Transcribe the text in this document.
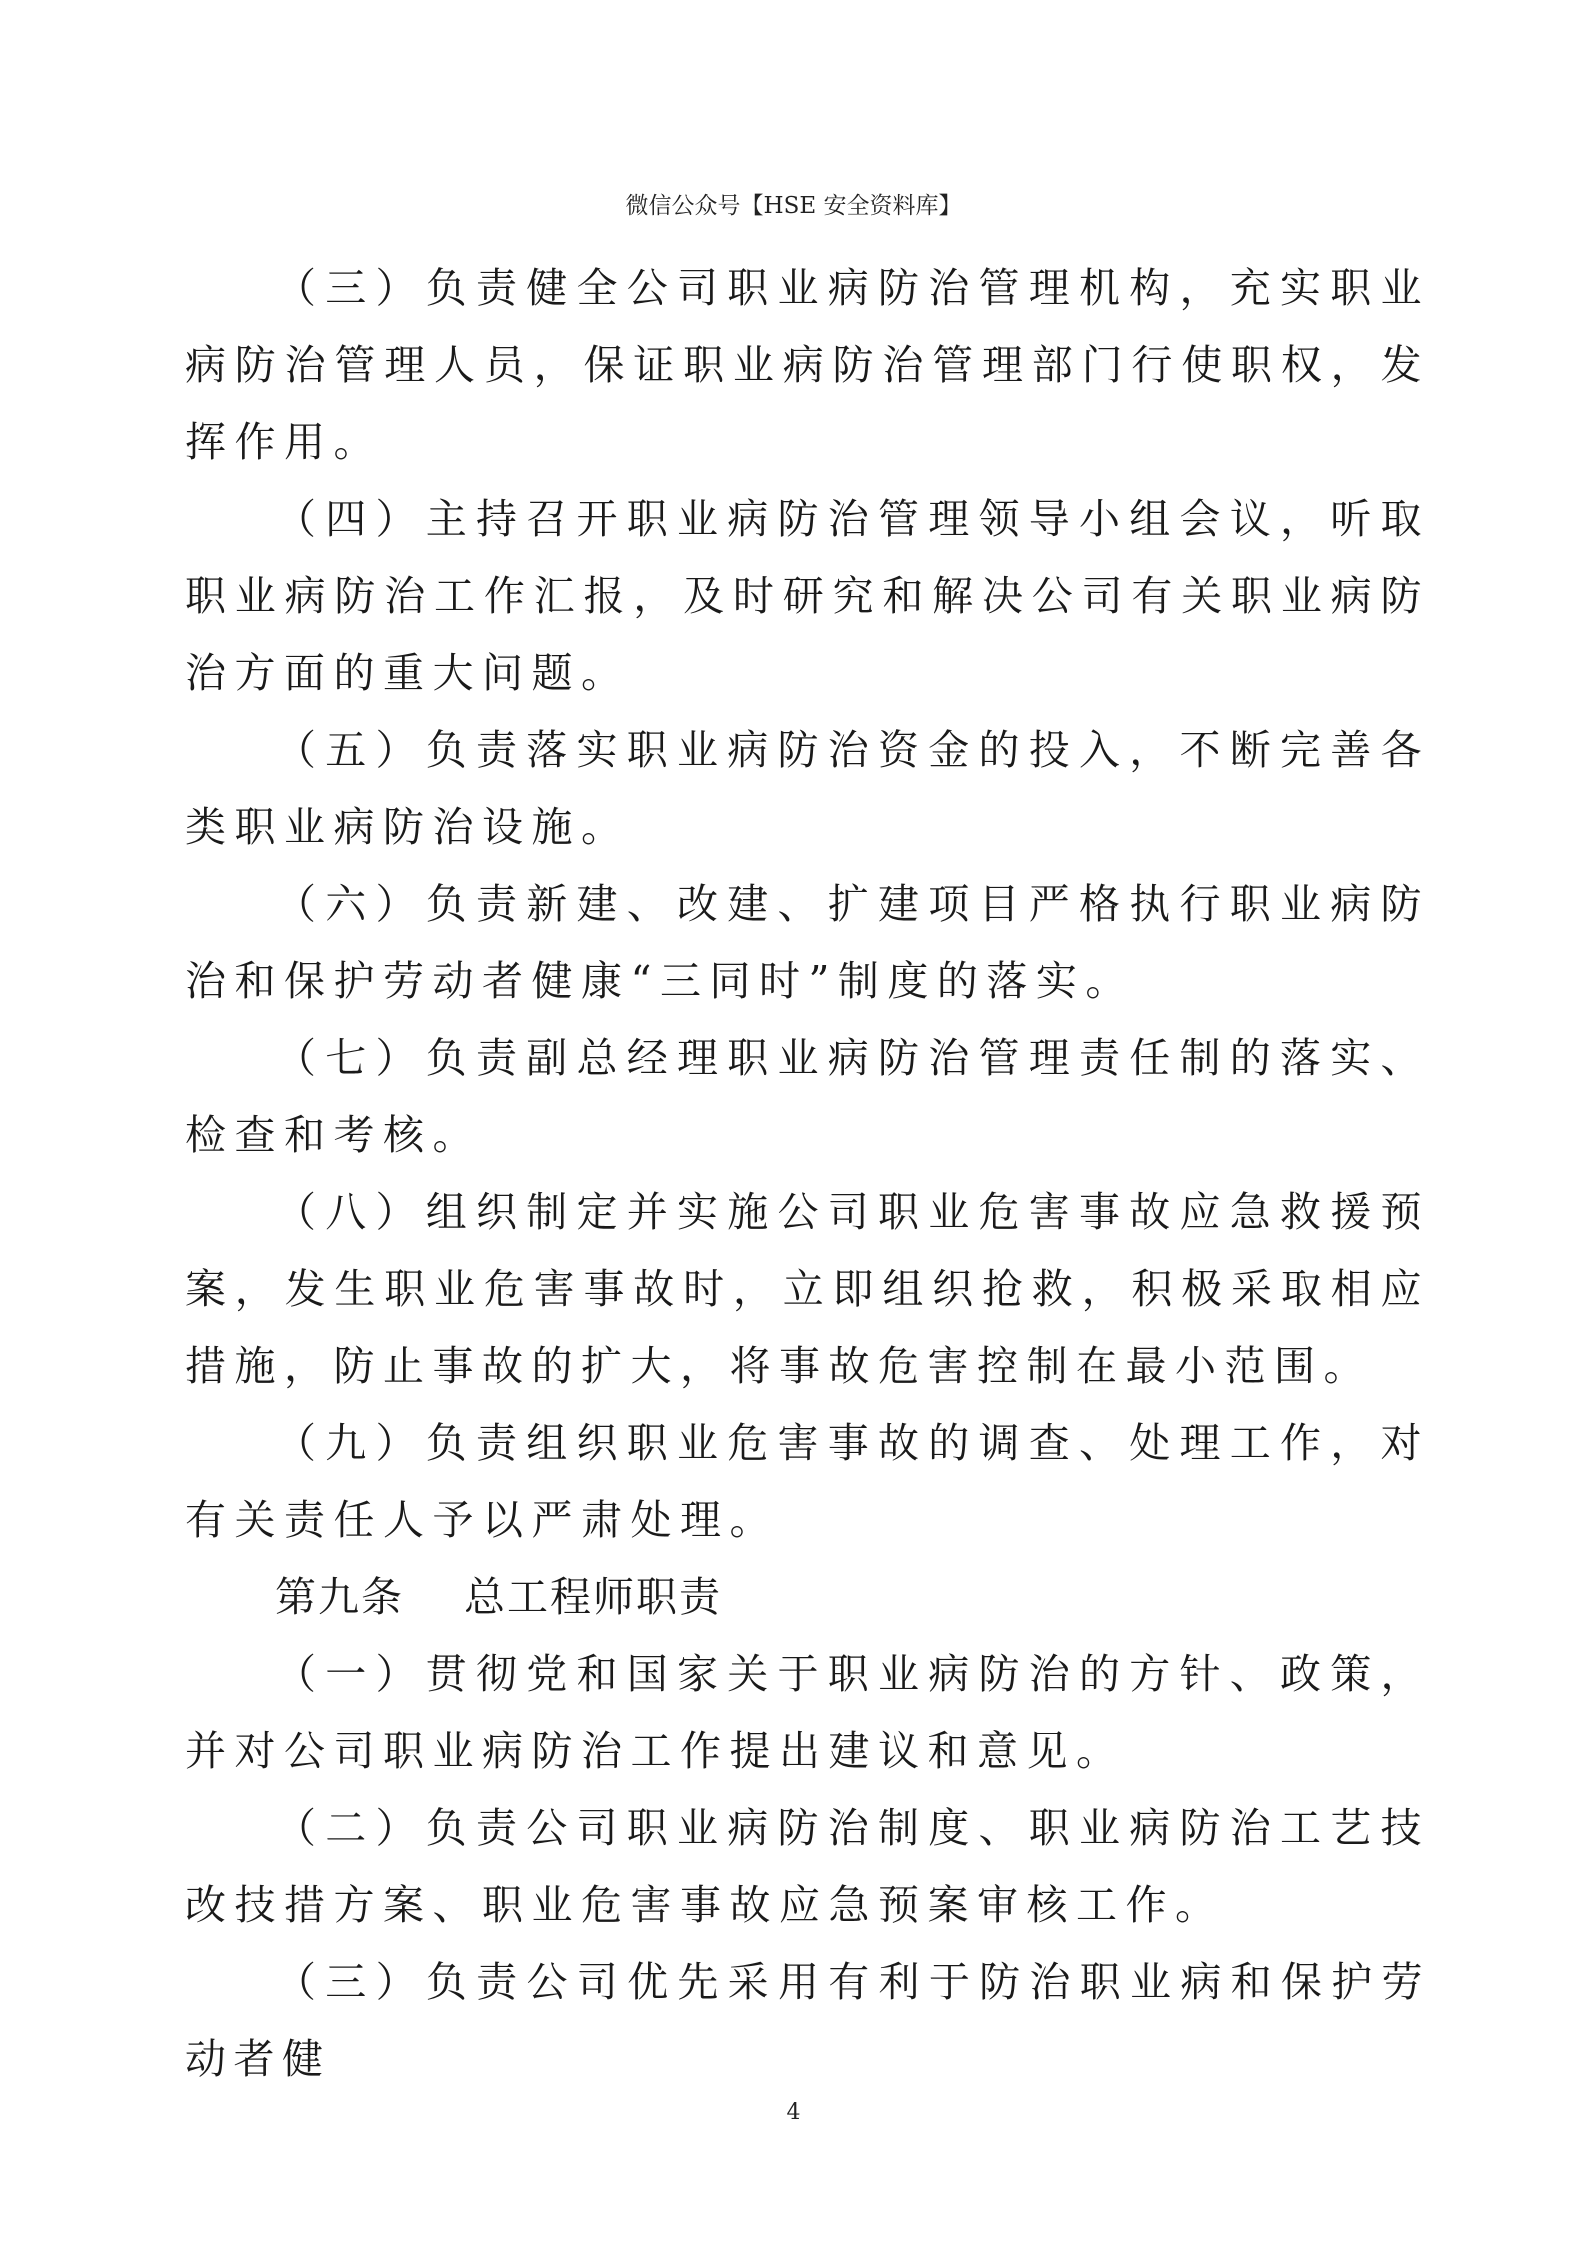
微信公众号【HSE 安全资料库】

（三）负责健全公司职业病防治管理机构，充实职业病防治管理人员，保证职业病防治管理部门行使职权，发挥作用。

（四）主持召开职业病防治管理领导小组会议，听取职业病防治工作汇报，及时研究和解决公司有关职业病防治方面的重大问题。

（五）负责落实职业病防治资金的投入，不断完善各类职业病防治设施。

（六）负责新建、改建、扩建项目严格执行职业病防治和保护劳动者健康“三同时”制度的落实。

（七）负责副总经理职业病防治管理责任制的落实、检查和考核。

（八）组织制定并实施公司职业危害事故应急救援预案，发生职业危害事故时，立即组织抢救，积极采取相应措施，防止事故的扩大，将事故危害控制在最小范围。

（九）负责组织职业危害事故的调查、处理工作，对有关责任人予以严肃处理。

第九条 总工程师职责

（一）贯彻党和国家关于职业病防治的方针、政策，并对公司职业病防治工作提出建议和意见。

（二）负责公司职业病防治制度、职业病防治工艺技改技措方案、职业危害事故应急预案审核工作。

（三）负责公司优先采用有利于防治职业病和保护劳动者健

4
